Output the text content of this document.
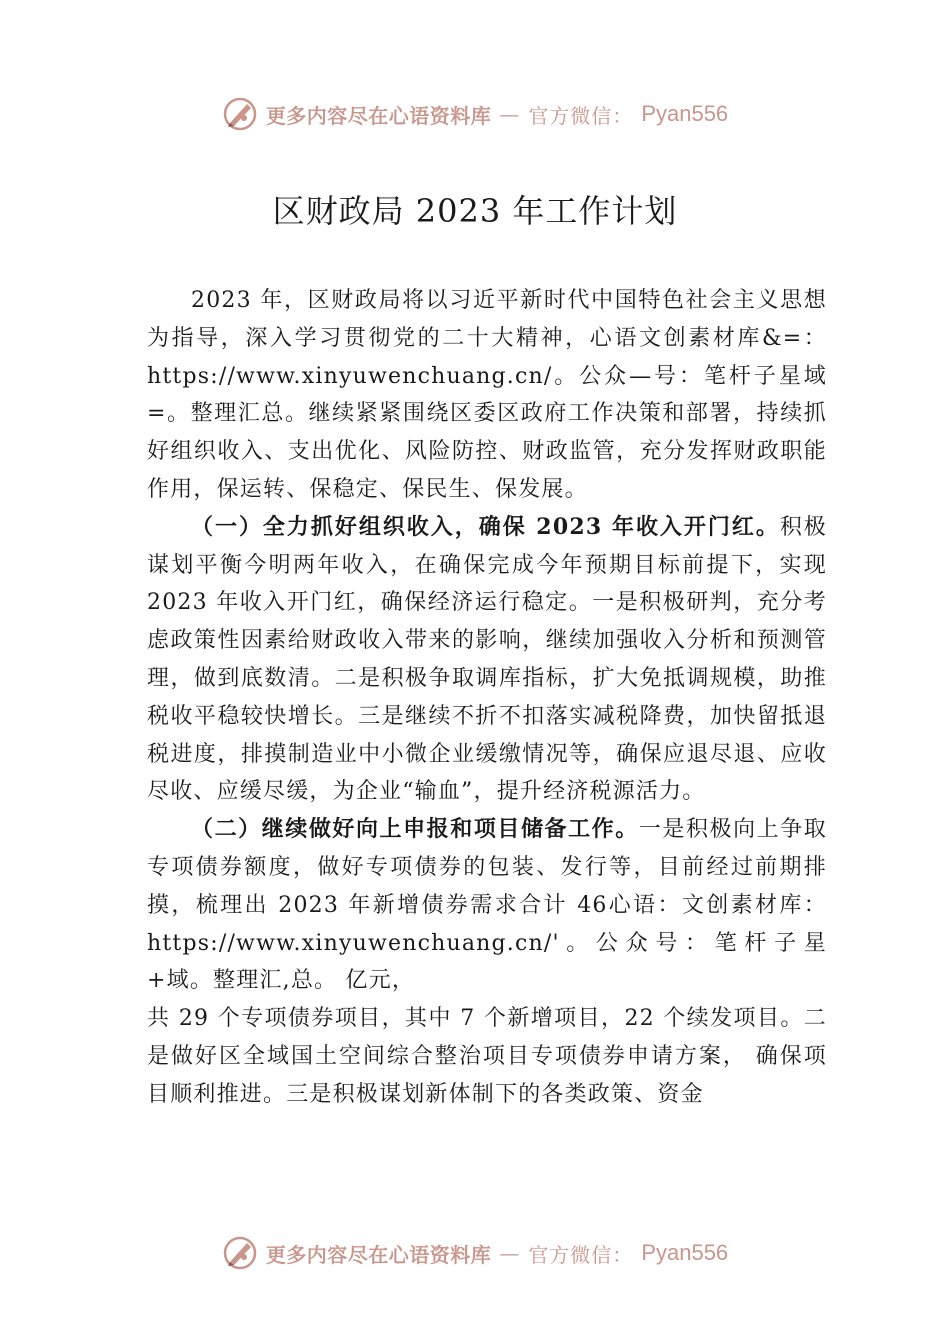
更多内容尽在心语资料库 — 官方微信： Pyan556
区财政局 2023 年工作计划

2023 年，区财政局将以习近平新时代中国特色社会主义思想为指导，深入学习贯彻党的二十大精神，心语文创素材库&=：https://www.xinyuwenchuang.cn/。公众—号：笔杆子星域=。整理汇总。继续紧紧围绕区委区政府工作决策和部署，持续抓好组织收入、支出优化、风险防控、财政监管，充分发挥财政职能作用，保运转、保稳定、保民生、保发展。

（一）全力抓好组织收入，确保 2023 年收入开门红。积极谋划平衡今明两年收入，在确保完成今年预期目标前提下，实现 2023 年收入开门红，确保经济运行稳定。一是积极研判，充分考虑政策性因素给财政收入带来的影响，继续加强收入分析和预测管理，做到底数清。二是积极争取调库指标，扩大免抵调规模，助推税收平稳较快增长。三是继续不折不扣落实减税降费，加快留抵退税进度，排摸制造业中小微企业缓缴情况等，确保应退尽退、应收尽收、应缓尽缓，为企业“输血”，提升经济税源活力。

（二）继续做好向上申报和项目储备工作。一是积极向上争取专项债券额度，做好专项债券的包装、发行等，目前经过前期排摸，梳理出 2023 年新增债券需求合计 46心语：文创素材库：https://www.xinyuwenchuang.cn/'。公众号：笔杆子星+域。整理汇,总。 亿元，

共 29 个专项债券项目，其中 7 个新增项目，22 个续发项目。二是做好区全域国土空间综合整治项目专项债券申请方案， 确保项目顺利推进。三是积极谋划新体制下的各类政策、资金

更多内容尽在心语资料库 — 官方微信： Pyan556
